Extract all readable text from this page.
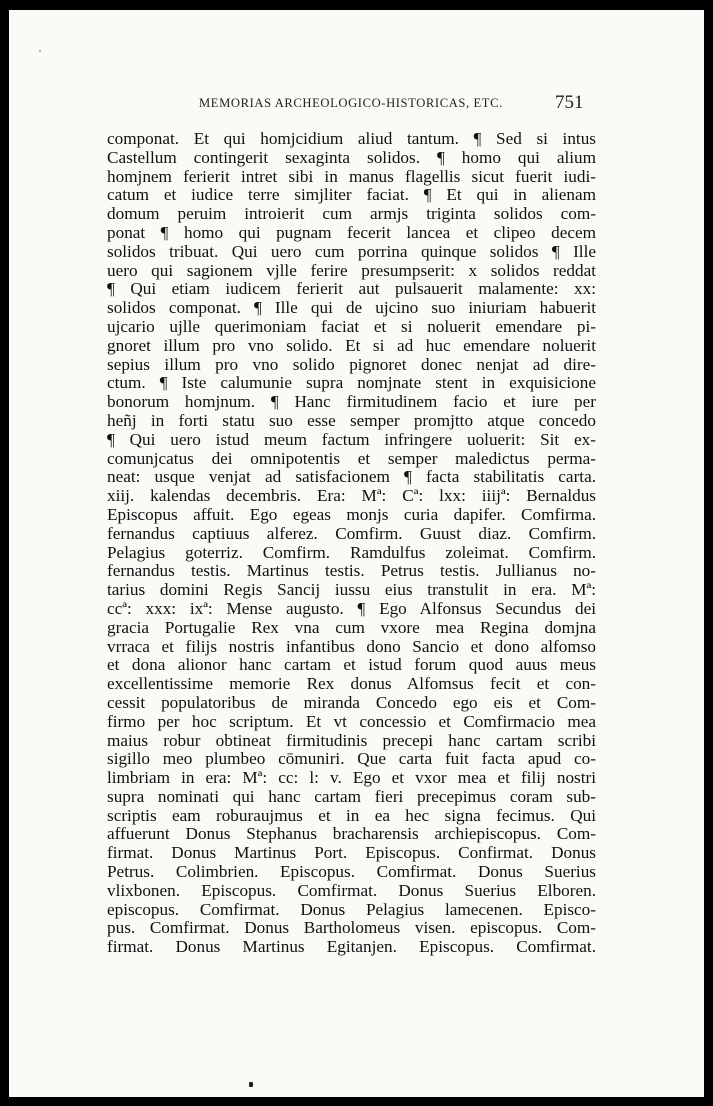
MEMORIAS ARCHEOLOGICO-HISTORICAS, ETC.	751
componat. Et qui homjcidium aliud tantum. ¶ Sed si intus
Castellum contingerit sexaginta solidos. ¶ homo qui alium
homjnem ferierit intret sibi in manus flagellis sicut fuerit iudi-
catum et iudice terre simjliter faciat. ¶ Et qui in alienam
domum peruim introierit cum armjs triginta solidos com-
ponat ¶ homo qui pugnam fecerit lancea et clipeo decem
solidos tribuat. Qui uero cum porrina quinque solidos ¶ Ille
uero qui sagionem vjlle ferire presumpserit: x solidos reddat
¶ Qui etiam iudicem ferierit aut pulsauerit malamente: xx:
solidos componat. ¶ Ille qui de ujcino suo iniuriam habuerit
ujcario ujlle querimoniam faciat et si noluerit emendare pi-
gnoret illum pro vno solido. Et si ad huc emendare noluerit
sepius illum pro vno solido pignoret donec nenjat ad dire-
ctum. ¶ Iste calumunie supra nomjnate stent in exquisicione
bonorum homjnum. ¶ Hanc firmitudinem facio et iure per
heñj in forti statu suo esse semper promjtto atque concedo
¶ Qui uero istud meum factum infringere uoluerit: Sit ex-
comunjcatus dei omnipotentis et semper maledictus perma-
neat: usque venjat ad satisfacionem ¶ facta stabilitatis carta.
xiij. kalendas decembris. Era: Mª: Cª: lxx: iiijª: Bernaldus
Episcopus affuit. Ego egeas monjs curia dapifer. Comfirma.
fernandus captiuus alferez. Comfirm. Guust diaz. Comfirm.
Pelagius goterriz. Comfirm. Ramdulfus zoleimat. Comfirm.
fernandus testis. Martinus testis. Petrus testis. Jullianus no-
tarius domini Regis Sancij iussu eius transtulit in era. Mª:
ccª: xxx: ixª: Mense augusto. ¶ Ego Alfonsus Secundus dei
gracia Portugalie Rex vna cum vxore mea Regina domjna
vrraca et filijs nostris infantibus dono Sancio et dono alfomso
et dona alionor hanc cartam et istud forum quod auus meus
excellentissime memorie Rex donus Alfomsus fecit et con-
cessit populatoribus de miranda Concedo ego eis et Com-
firmo per hoc scriptum. Et vt concessio et Comfirmacio mea
maius robur obtineat firmitudinis precepi hanc cartam scribi
sigillo meo plumbeo cōmuniri. Que carta fuit facta apud co-
limbriam in era: Mª: cc: l: v. Ego et vxor mea et filij nostri
supra nominati qui hanc cartam fieri precepimus coram sub-
scriptis eam roburaujmus et in ea hec signa fecimus. Qui
affuerunt Donus Stephanus bracharensis archiepiscopus. Com-
firmat. Donus Martinus Port. Episcopus. Confirmat. Donus
Petrus. Colimbrien. Episcopus. Comfirmat. Donus Suerius
vlixbonen. Episcopus. Comfirmat. Donus Suerius Elboren.
episcopus. Comfirmat. Donus Pelagius lamecenen. Episco-
pus. Comfirmat. Donus Bartholomeus visen. episcopus. Com-
firmat. Donus Martinus Egitanjen. Episcopus. Comfirmat.
